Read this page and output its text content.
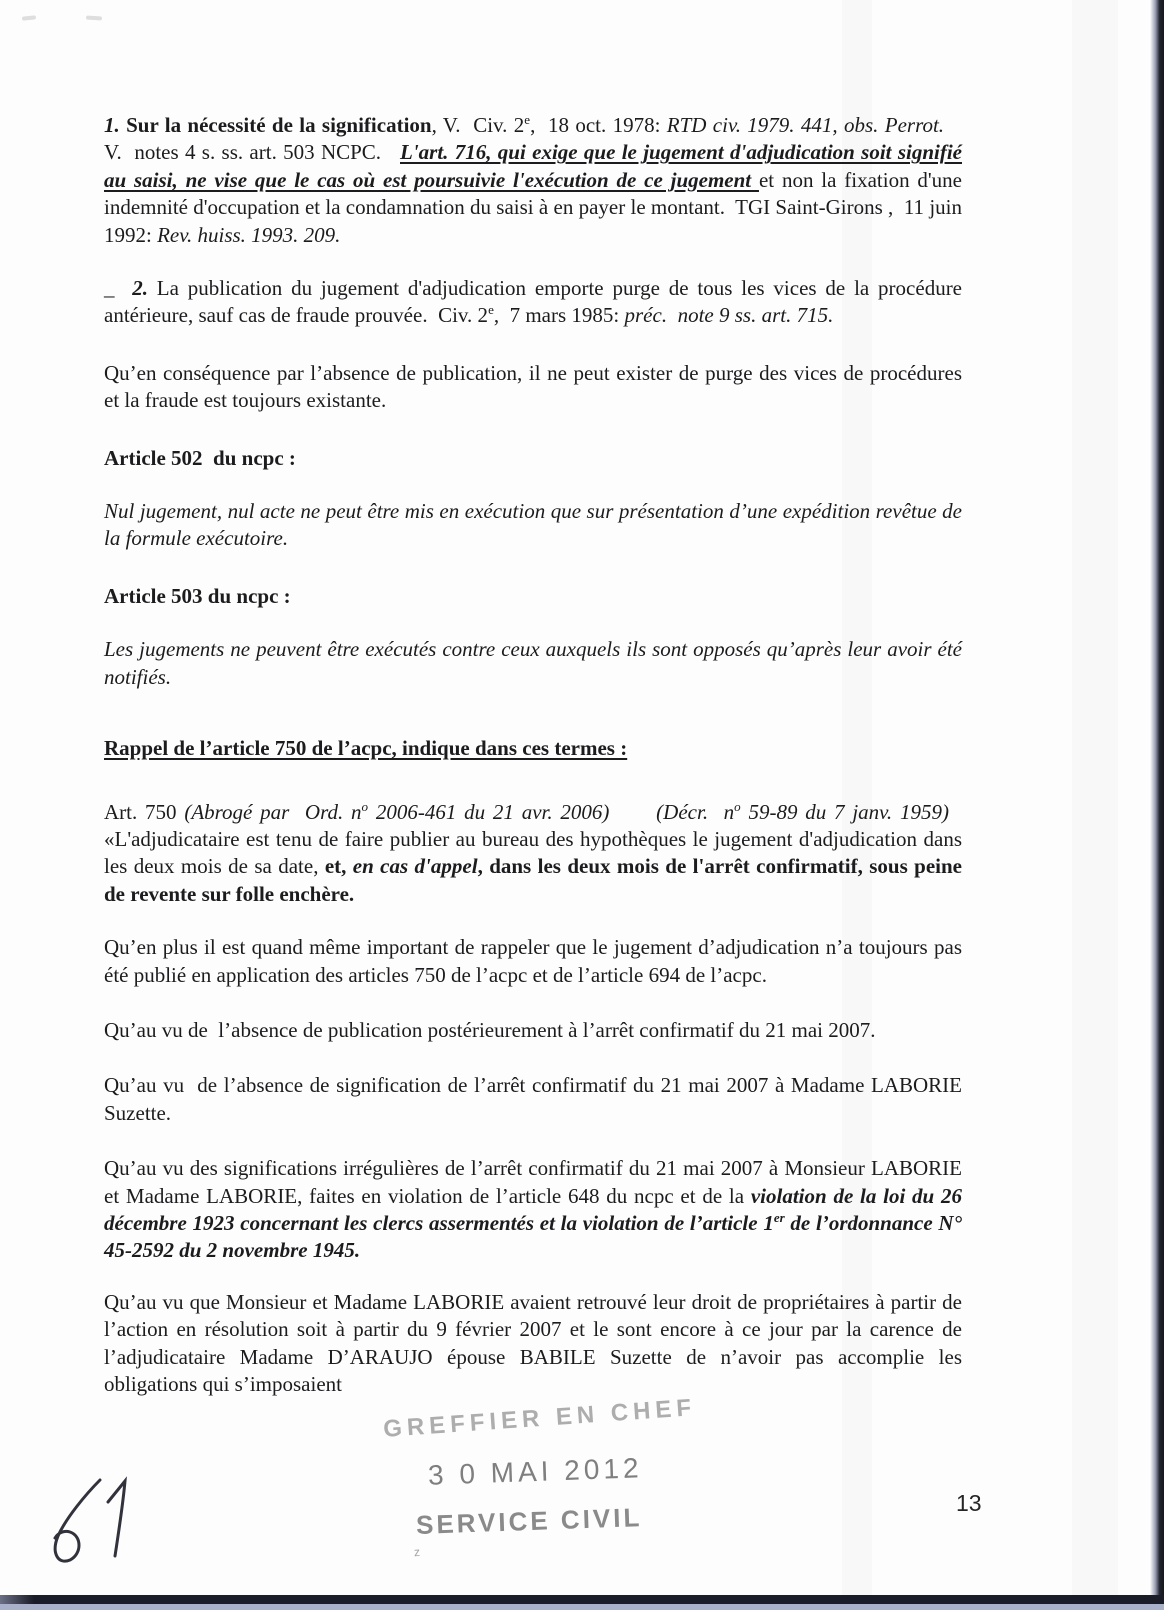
1. Sur la nécessité de la signification, V.  Civ. 2e,  18 oct. 1978: RTD civ. 1979. 441, obs. Perrot.    V.  notes 4 s. ss. art. 503 NCPC.   L'art. 716, qui exige que le jugement d'adjudication soit signifié au saisi, ne vise que le cas où est poursuivie l'exécution de ce jugement et non la fixation d'une indemnité d'occupation et la condamnation du saisi à en payer le montant.  TGI Saint-Girons ,  11 juin 1992: Rev. huiss. 1993. 209.

_  2. La publication du jugement d'adjudication emporte purge de tous les vices de la procédure antérieure, sauf cas de fraude prouvée.  Civ. 2e,  7 mars 1985: préc.  note 9 ss. art. 715.

Qu’en conséquence par l’absence de publication, il ne peut exister de purge des vices de procédures et la fraude est toujours existante.

Article 502  du ncpc :

Nul jugement, nul acte ne peut être mis en exécution que sur présentation d’une expédition revêtue de la formule exécutoire.

Article 503 du ncpc :

Les jugements ne peuvent être exécutés contre ceux auxquels ils sont opposés qu’après leur avoir été notifiés.

Rappel de l’article 750 de l’acpc, indique dans ces termes :

Art. 750 (Abrogé par  Ord. $n^o$ 2006-461 du 21 avr. 2006) (Décr.  $n^o$ 59-89 du 7 janv. 1959)   «L'adjudicataire est tenu de faire publier au bureau des hypothèques le jugement d'adjudication dans les deux mois de sa date, et, en cas d'appel, dans les deux mois de l'arrêt confirmatif, sous peine de revente sur folle enchère.

Qu’en plus il est quand même important de rappeler que le jugement d’adjudication n’a toujours pas été publié en application des articles 750 de l’acpc et de l’article 694 de l’acpc.

Qu’au vu de  l’absence de publication postérieurement à l’arrêt confirmatif du 21 mai 2007.

Qu’au vu  de l’absence de signification de l’arrêt confirmatif du 21 mai 2007 à Madame LABORIE Suzette.

Qu’au vu des significations irrégulières de l’arrêt confirmatif du 21 mai 2007 à Monsieur LABORIE et Madame LABORIE, faites en violation de l’article 648 du ncpc et de la violation de la loi du 26 décembre 1923 concernant les clercs assermentés et la violation de l’article 1er de l’ordonnance N° 45-2592 du 2 novembre 1945.

Qu’au vu que Monsieur et Madame LABORIE avaient retrouvé leur droit de propriétaires à partir de l’action en résolution soit à partir du 9 février 2007 et le sont encore à ce jour par la carence de l’adjudicataire Madame D’ARAUJO épouse BABILE Suzette de n’avoir pas accomplie les obligations qui s’imposaient

GREFFIER EN CHEF
3 0 MAI 2012
SERVICE CIVIL
z
13
